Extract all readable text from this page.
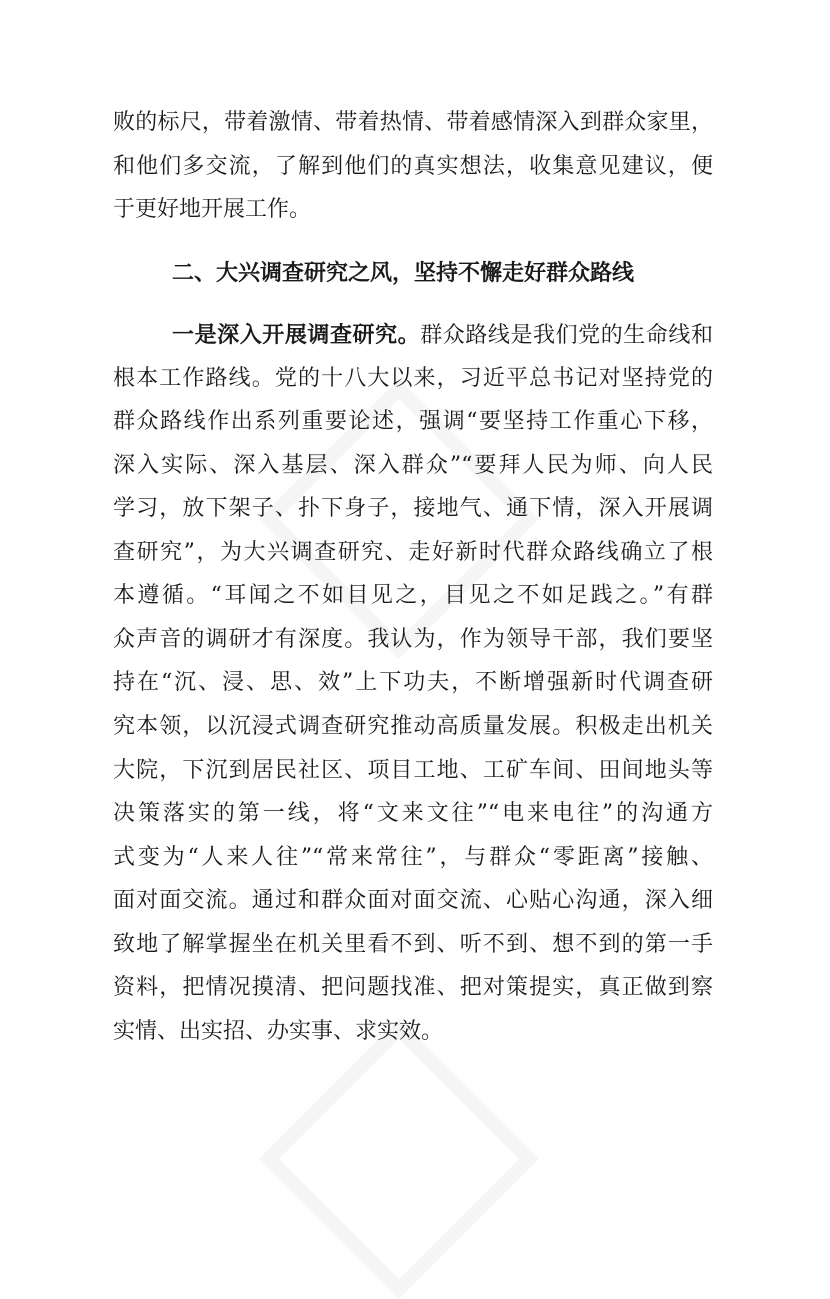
败的标尺，带着激情、带着热情、带着感情深入到群众家里，
和他们多交流，了解到他们的真实想法，收集意见建议，便
于更好地开展工作。
二、大兴调查研究之风，坚持不懈走好群众路线
一是深入开展调查研究。群众路线是我们党的生命线和
根本工作路线。党的十八大以来，习近平总书记对坚持党的
群众路线作出系列重要论述，强调“要坚持工作重心下移，
深入实际、深入基层、深入群众”“要拜人民为师、向人民
学习，放下架子、扑下身子，接地气、通下情，深入开展调
查研究”，为大兴调查研究、走好新时代群众路线确立了根
本遵循。“耳闻之不如目见之，目见之不如足践之。”有群
众声音的调研才有深度。我认为，作为领导干部，我们要坚
持在“沉、浸、思、效”上下功夫，不断增强新时代调查研
究本领，以沉浸式调查研究推动高质量发展。积极走出机关
大院，下沉到居民社区、项目工地、工矿车间、田间地头等
决策落实的第一线，将“文来文往”“电来电往”的沟通方
式变为“人来人往”“常来常往”，与群众“零距离”接触、
面对面交流。通过和群众面对面交流、心贴心沟通，深入细
致地了解掌握坐在机关里看不到、听不到、想不到的第一手
资料，把情况摸清、把问题找准、把对策提实，真正做到察
实情、出实招、办实事、求实效。
